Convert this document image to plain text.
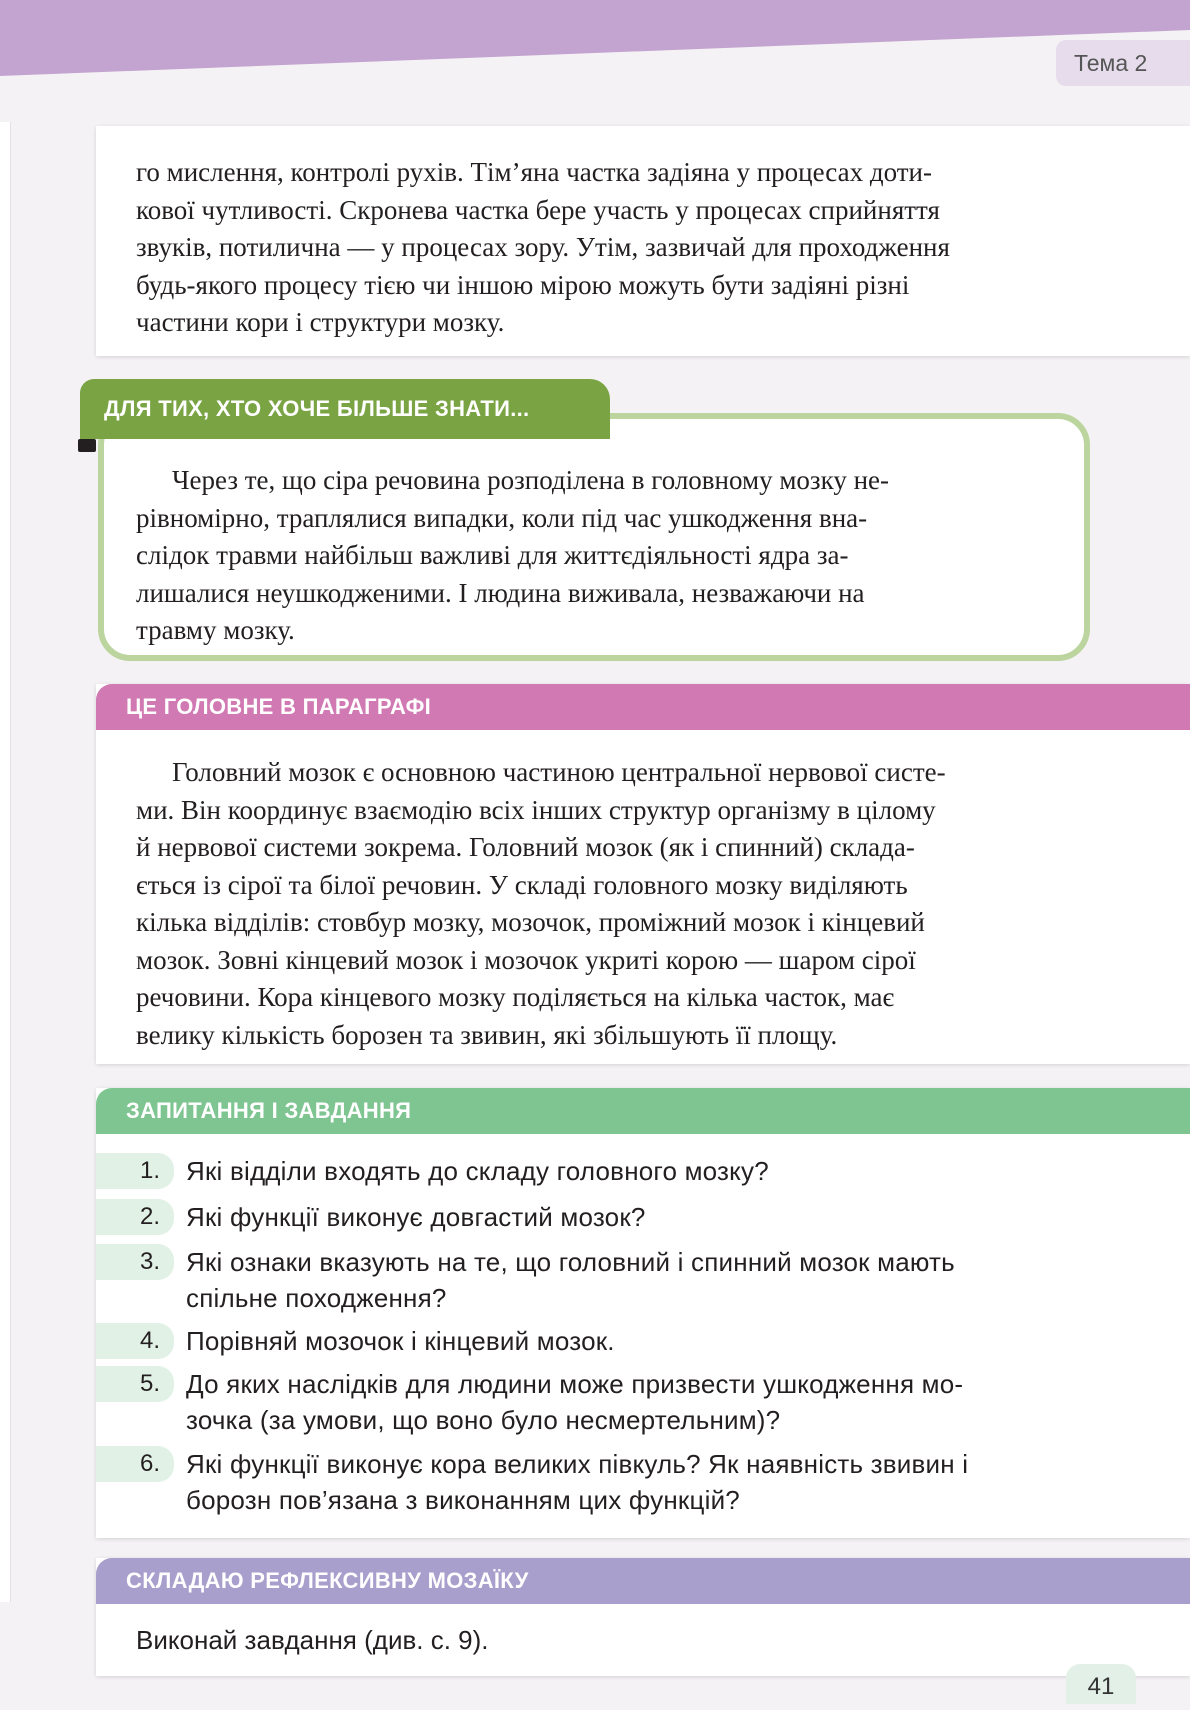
Тема 2

го мислення, контролі рухів. Тім’яна частка задіяна у процесах доти-

кової чутливості. Скронева частка бере участь у процесах сприйняття

звуків, потилична — у процесах зору. Утім, зазвичай для проходження

будь-якого процесу тією чи іншою мірою можуть бути задіяні різні

частини кори і структури мозку.

Через те, що сіра речовина розподілена в головному мозку не-

рівномірно, траплялися випадки, коли під час ушкодження вна-

слідок травми найбільш важливі для життєдіяльності ядра за-

лишалися неушкодженими. І людина виживала, незважаючи на

травму мозку.

ДЛЯ ТИХ, ХТО ХОЧЕ БІЛЬШЕ ЗНАТИ...

Головний мозок є основною частиною центральної нервової систе-

ми. Він координує взаємодію всіх інших структур організму в цілому

й нервової системи зокрема. Головний мозок (як і спинний) склада-

ється із сірої та білої речовин. У складі головного мозку виділяють

кілька відділів: стовбур мозку, мозочок, проміжний мозок і кінцевий

мозок. Зовні кінцевий мозок і мозочок укриті корою — шаром сірої

речовини. Кора кінцевого мозку поділяється на кілька часток, має

велику кількість борозен та звивин, які збільшують її площу.

ЦЕ ГОЛОВНЕ В ПАРАГРАФІ
ЗАПИТАННЯ І ЗАВДАННЯ
1.	Які відділи входять до складу головного мозку?
2.	Які функції виконує довгастий мозок?
3.	Які ознаки вказують на те, що головний і спинний мозок мають
спільне походження?
4.	Порівняй мозочок і кінцевий мозок.
5.	До яких наслідків для людини може призвести ушкодження мо-
зочка (за умови, що воно було несмертельним)?
6.	Які функції виконує кора великих півкуль? Як наявність звивин і
борозн пов’язана з виконанням цих функцій?
Виконай завдання (див. с. 9).
СКЛАДАЮ РЕФЛЕКСИВНУ МОЗАЇКУ
41
